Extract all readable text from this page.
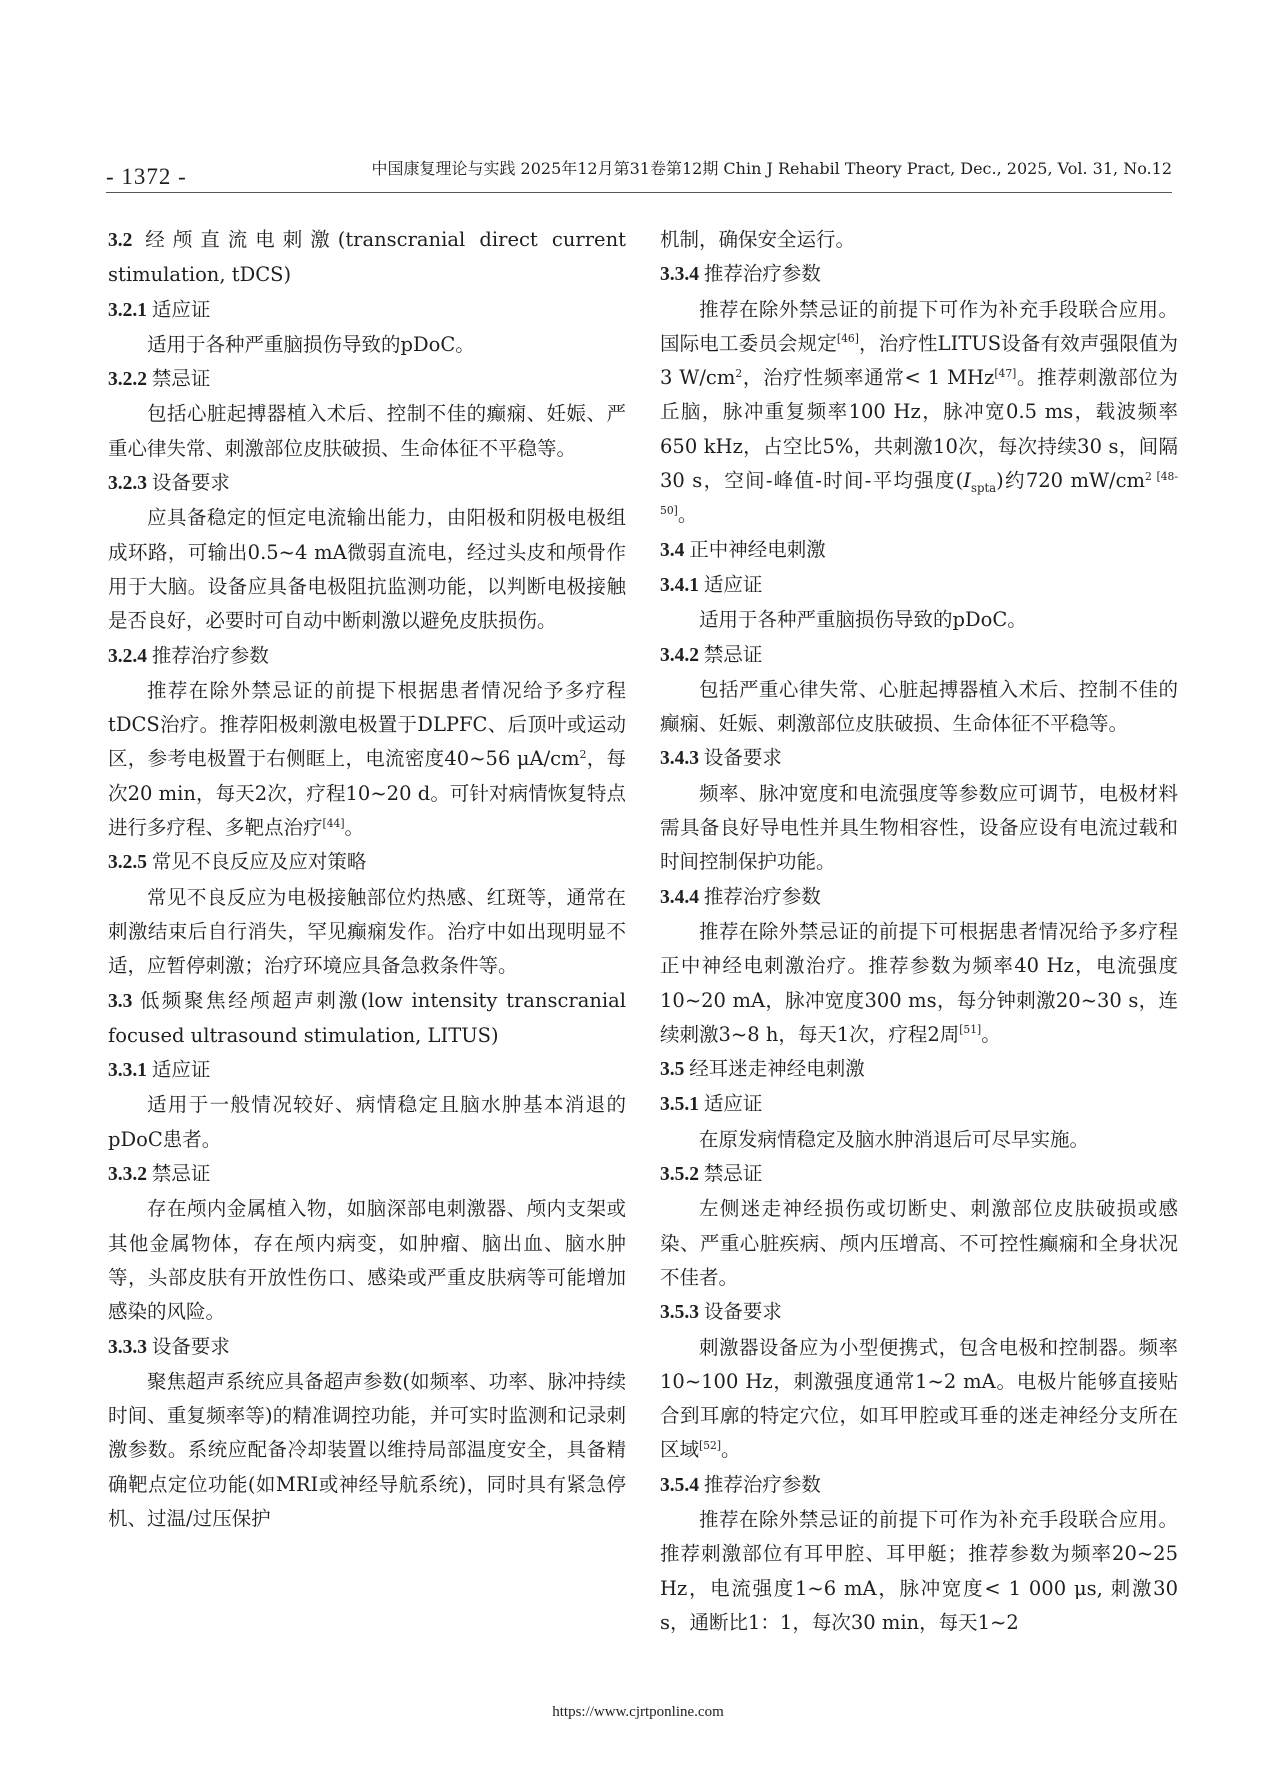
- 1372 -	中国康复理论与实践 2025年12月第31卷第12期 Chin J Rehabil Theory Pract, Dec., 2025, Vol. 31, No.12

3.2 经颅直流电刺激(transcranial direct current stimulation, tDCS)

3.2.1 适应证

适用于各种严重脑损伤导致的pDoC。

3.2.2 禁忌证

包括心脏起搏器植入术后、控制不佳的癫痫、妊娠、严重心律失常、刺激部位皮肤破损、生命体征不平稳等。

3.2.3 设备要求

应具备稳定的恒定电流输出能力，由阳极和阴极电极组成环路，可输出0.5~4 mA微弱直流电，经过头皮和颅骨作用于大脑。设备应具备电极阻抗监测功能，以判断电极接触是否良好，必要时可自动中断刺激以避免皮肤损伤。

3.2.4 推荐治疗参数

推荐在除外禁忌证的前提下根据患者情况给予多疗程tDCS治疗。推荐阳极刺激电极置于DLPFC、后顶叶或运动区，参考电极置于右侧眶上，电流密度40~56 $\mu A/cm^2$，每次20 min，每天2次，疗程10~20 d。可针对病情恢复特点进行多疗程、多靶点治疗[44]。

3.2.5 常见不良反应及应对策略

常见不良反应为电极接触部位灼热感、红斑等，通常在刺激结束后自行消失，罕见癫痫发作。治疗中如出现明显不适，应暂停刺激；治疗环境应具备急救条件等。

3.3 低频聚焦经颅超声刺激(low intensity transcranial focused ultrasound stimulation, LITUS)

3.3.1 适应证

适用于一般情况较好、病情稳定且脑水肿基本消退的pDoC患者。

3.3.2 禁忌证

存在颅内金属植入物，如脑深部电刺激器、颅内支架或其他金属物体，存在颅内病变，如肿瘤、脑出血、脑水肿等，头部皮肤有开放性伤口、感染或严重皮肤病等可能增加感染的风险。

3.3.3 设备要求

聚焦超声系统应具备超声参数(如频率、功率、脉冲持续时间、重复频率等)的精准调控功能，并可实时监测和记录刺激参数。系统应配备冷却装置以维持局部温度安全，具备精确靶点定位功能(如MRI或神经导航系统)，同时具有紧急停机、过温/过压保护

机制，确保安全运行。

3.3.4 推荐治疗参数

推荐在除外禁忌证的前提下可作为补充手段联合应用。国际电工委员会规定[46]，治疗性LITUS设备有效声强限值为3 $W/cm^2$，治疗性频率通常< 1 MHz[47]。推荐刺激部位为丘脑，脉冲重复频率100 Hz，脉冲宽0.5 ms，载波频率650 kHz，占空比5%，共刺激10次，每次持续30 s，间隔30 s，空间-峰值-时间-平均强度$(I_{spta})$约720 $mW/cm^2$ [48-50]。

3.4 正中神经电刺激

3.4.1 适应证

适用于各种严重脑损伤导致的pDoC。

3.4.2 禁忌证

包括严重心律失常、心脏起搏器植入术后、控制不佳的癫痫、妊娠、刺激部位皮肤破损、生命体征不平稳等。

3.4.3 设备要求

频率、脉冲宽度和电流强度等参数应可调节，电极材料需具备良好导电性并具生物相容性，设备应设有电流过载和时间控制保护功能。

3.4.4 推荐治疗参数

推荐在除外禁忌证的前提下可根据患者情况给予多疗程正中神经电刺激治疗。推荐参数为频率40 Hz，电流强度10~20 mA，脉冲宽度300 ms，每分钟刺激20~30 s，连续刺激3~8 h，每天1次，疗程2周[51]。

3.5 经耳迷走神经电刺激

3.5.1 适应证

在原发病情稳定及脑水肿消退后可尽早实施。

3.5.2 禁忌证

左侧迷走神经损伤或切断史、刺激部位皮肤破损或感染、严重心脏疾病、颅内压增高、不可控性癫痫和全身状况不佳者。

3.5.3 设备要求

刺激器设备应为小型便携式，包含电极和控制器。频率10~100 Hz，刺激强度通常1~2 mA。电极片能够直接贴合到耳廓的特定穴位，如耳甲腔或耳垂的迷走神经分支所在区域[52]。

3.5.4 推荐治疗参数

推荐在除外禁忌证的前提下可作为补充手段联合应用。推荐刺激部位有耳甲腔、耳甲艇；推荐参数为频率20~25 Hz，电流强度1~6 mA，脉冲宽度< 1 000 μs, 刺激30 s，通断比1：1，每次30 min，每天1~2

https://www.cjrtponline.com
